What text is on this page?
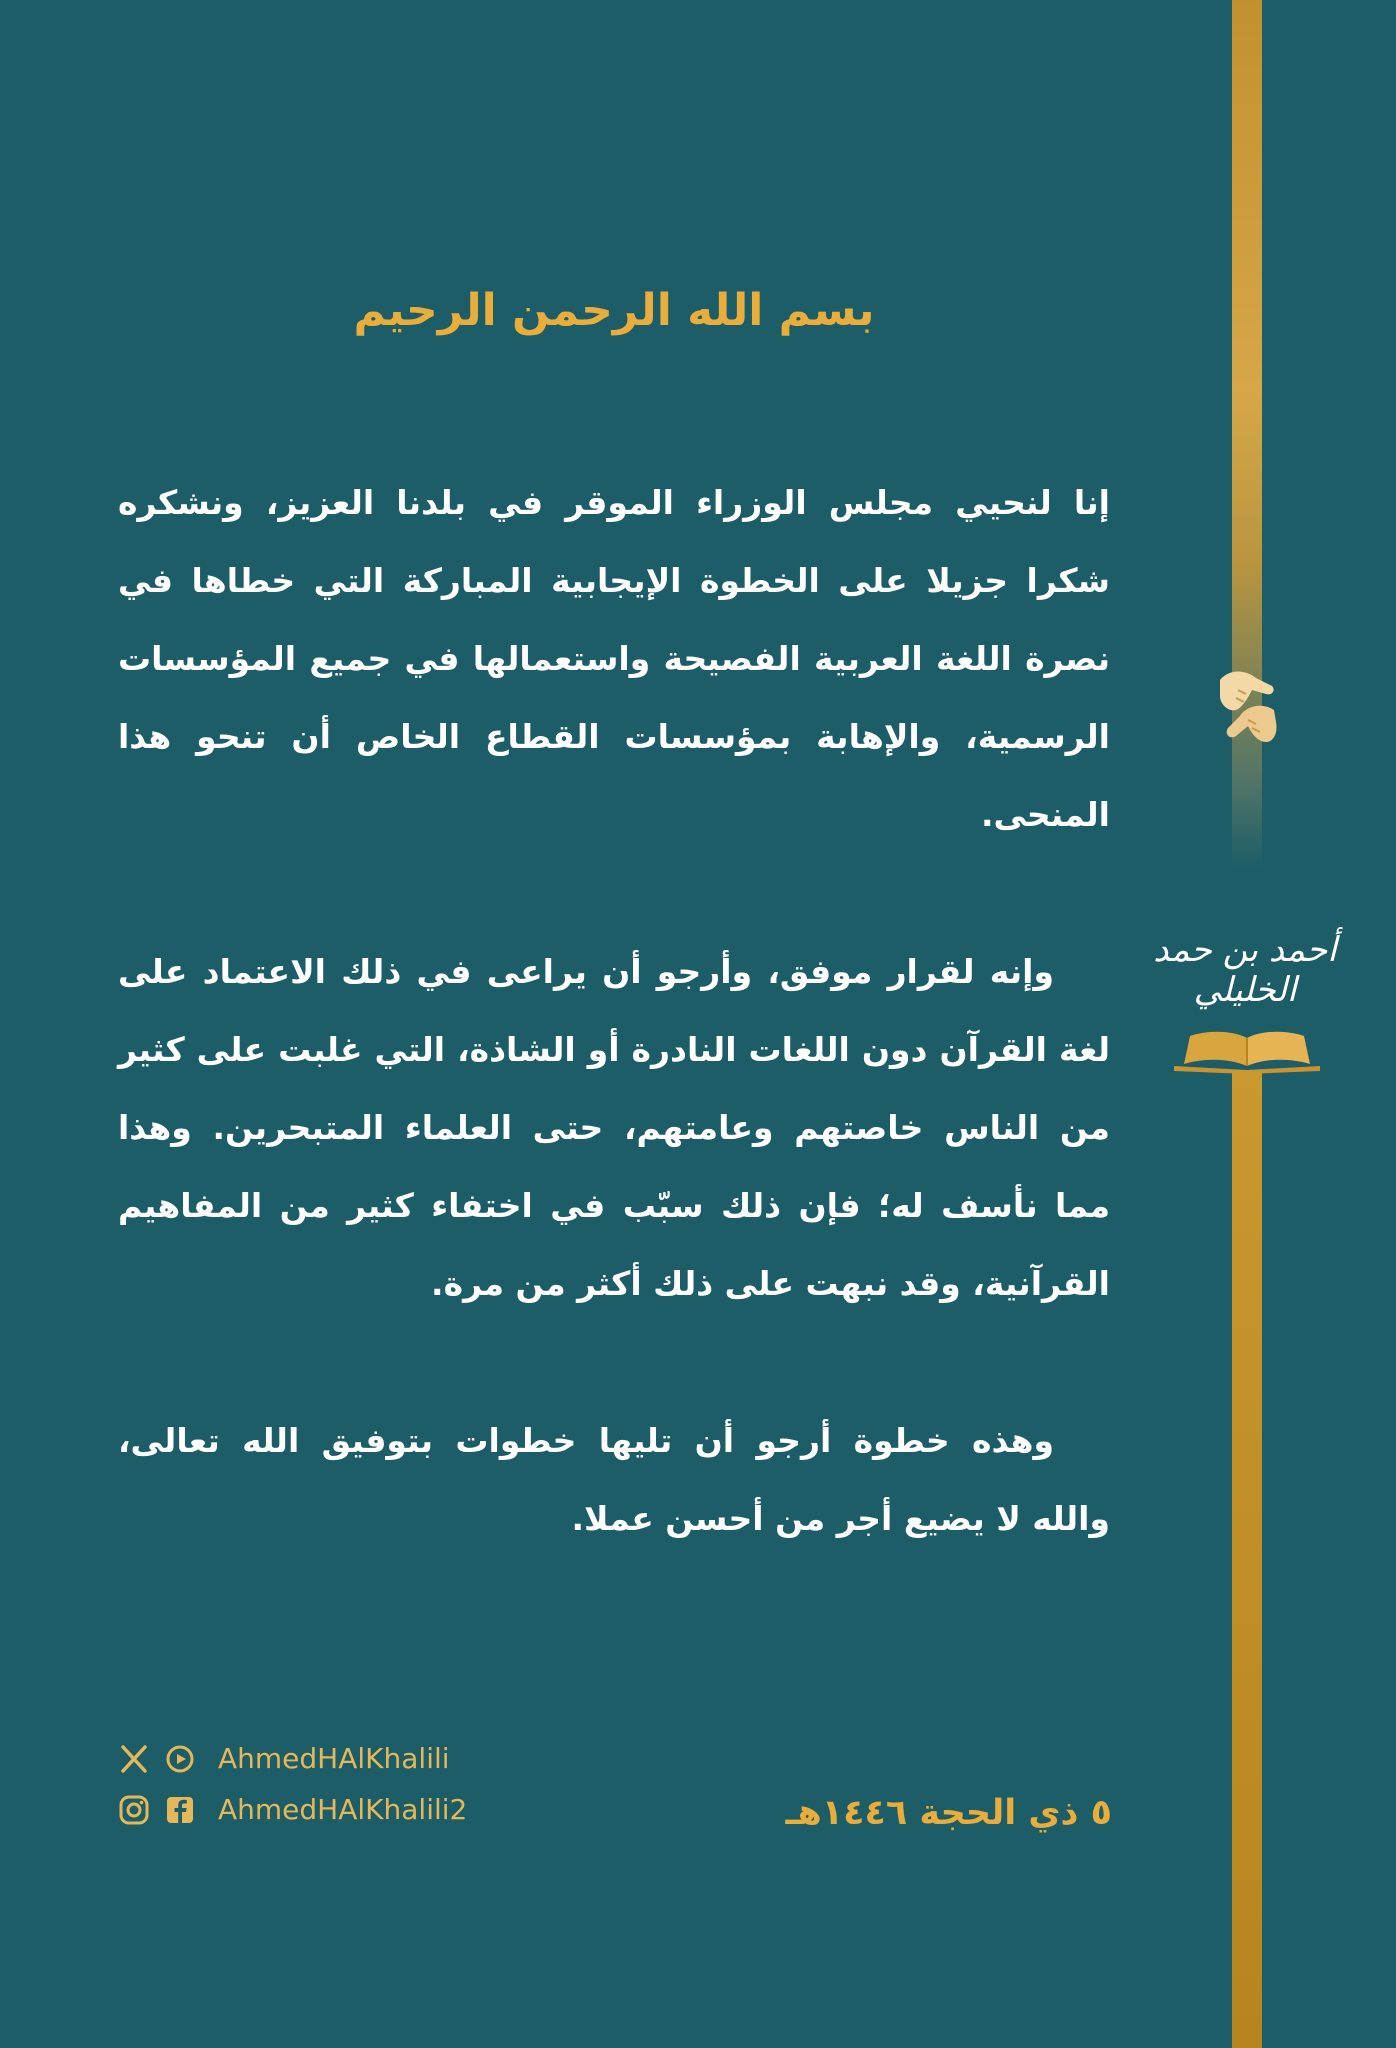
بسم الله الرحمن الرحيم

إنا لنحيي مجلس الوزراء الموقر في بلدنا العزيز، ونشكره شكرا جزيلا على الخطوة الإيجابية المباركة التي خطاها في نصرة اللغة العربية الفصيحة واستعمالها في جميع المؤسسات الرسمية، والإهابة بمؤسسات القطاع الخاص أن تنحو هذا المنحى.

وإنه لقرار موفق، وأرجو أن يراعى في ذلك الاعتماد على لغة القرآن دون اللغات النادرة أو الشاذة، التي غلبت على كثير من الناس خاصتهم وعامتهم، حتى العلماء المتبحرين. وهذا مما نأسف له؛ فإن ذلك سبّب في اختفاء كثير من المفاهيم القرآنية، وقد نبهت على ذلك أكثر من مرة.

وهذه خطوة أرجو أن تليها خطوات بتوفيق الله تعالى، والله لا يضيع أجر من أحسن عملا.

٥ ذي الحجة ١٤٤٦هـ
AhmedHAlKhalili
AhmedHAlKhalili2
أحمد بن حمد الخليلي
